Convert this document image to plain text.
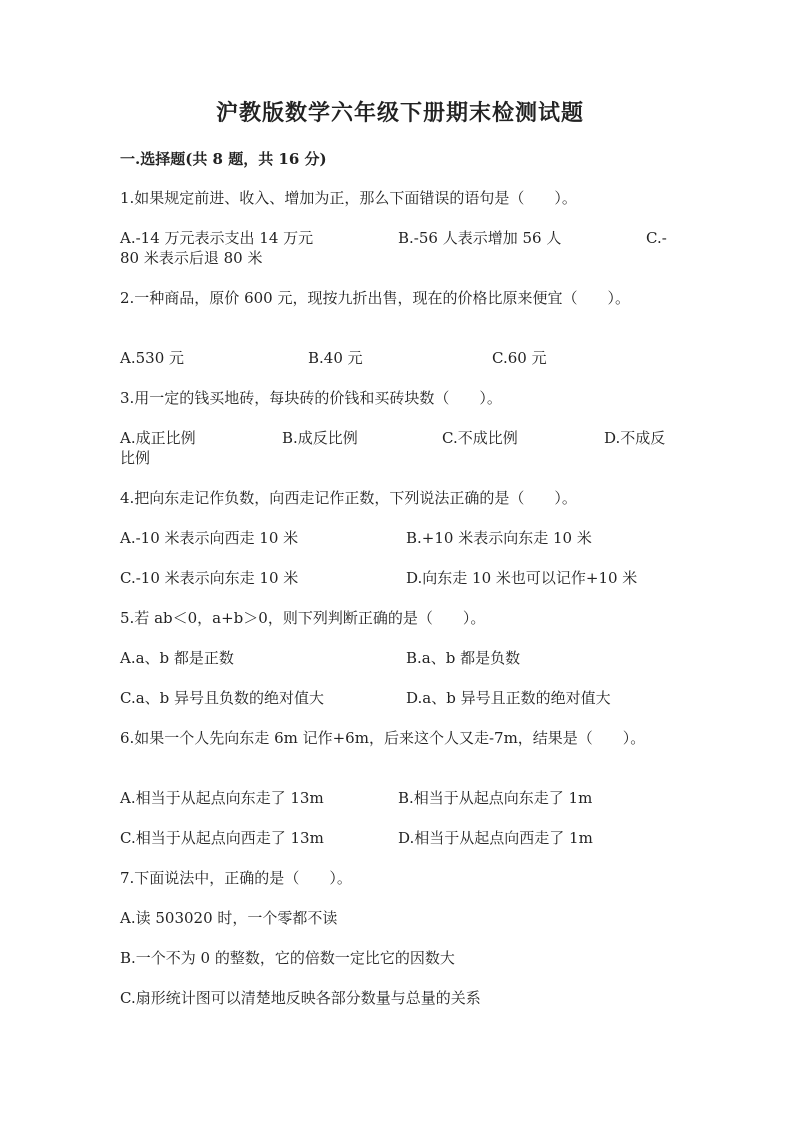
沪教版数学六年级下册期末检测试题
一.选择题(共 8 题，共 16 分)
1.如果规定前进、收入、增加为正，那么下面错误的语句是（　　）。
A.-14 万元表示支出 14 万元	B.-56 人表示增加 56 人	C.-
80 米表示后退 80 米
2.一种商品，原价 600 元，现按九折出售，现在的价格比原来便宜（　　）。
A.530 元	B.40 元	C.60 元
3.用一定的钱买地砖，每块砖的价钱和买砖块数（　　）。
A.成正比例	B.成反比例	C.不成比例	D.不成反
比例
4.把向东走记作负数，向西走记作正数，下列说法正确的是（　　）。
A.-10 米表示向西走 10 米	B.+10 米表示向东走 10 米
C.-10 米表示向东走 10 米	D.向东走 10 米也可以记作+10 米
5.若 ab＜0，a+b＞0，则下列判断正确的是（　　）。
A.a、b 都是正数	B.a、b 都是负数
C.a、b 异号且负数的绝对值大	D.a、b 异号且正数的绝对值大
6.如果一个人先向东走 6m 记作+6m，后来这个人又走-7m，结果是（　　）。
A.相当于从起点向东走了 13m	B.相当于从起点向东走了 1m
C.相当于从起点向西走了 13m	D.相当于从起点向西走了 1m
7.下面说法中，正确的是（　　）。
A.读 503020 时，一个零都不读
B.一个不为 0 的整数，它的倍数一定比它的因数大
C.扇形统计图可以清楚地反映各部分数量与总量的关系
